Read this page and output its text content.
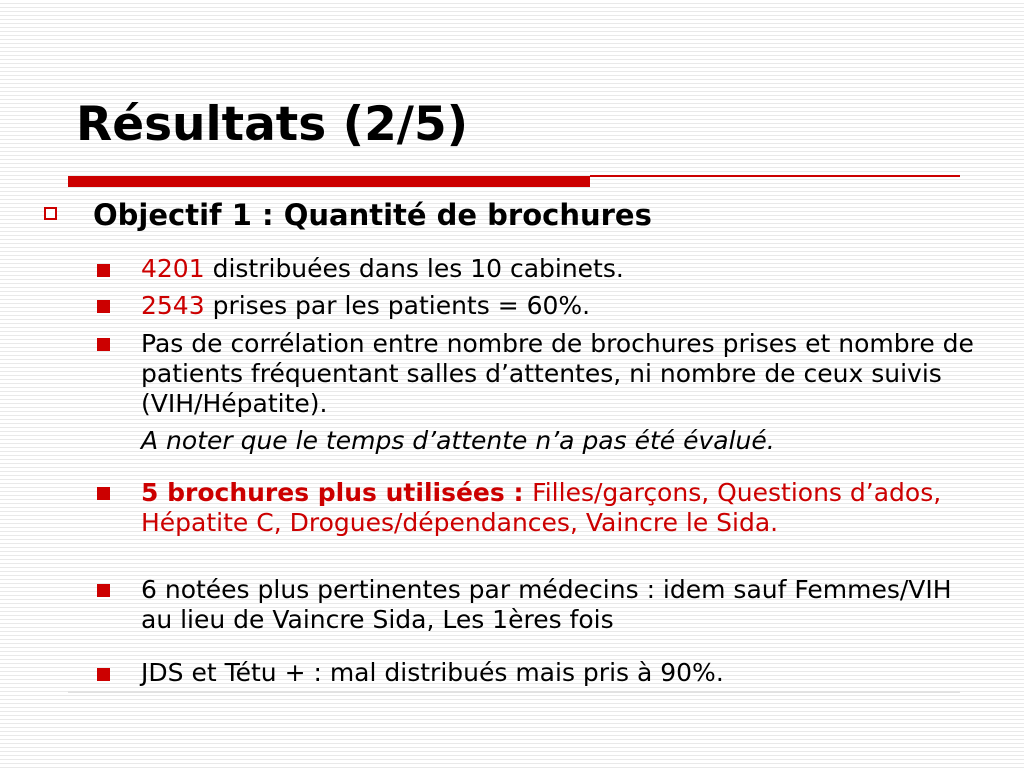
Résultats (2/5)
Objectif 1 : Quantité de brochures
4201 distribuées dans les 10 cabinets.
2543 prises par les patients = 60%.
Pas de corrélation entre nombre de brochures prises et nombre de patients fréquentant salles d’attentes, ni nombre de ceux suivis (VIH/Hépatite).
A noter que le temps d’attente n’a pas été évalué.
5 brochures plus utilisées : Filles/garçons, Questions d’ados, Hépatite C, Drogues/dépendances, Vaincre le Sida.
6 notées plus pertinentes par médecins : idem sauf Femmes/VIH au lieu de Vaincre Sida, Les 1ères fois
JDS et Tétu + : mal distribués mais pris à 90%.
